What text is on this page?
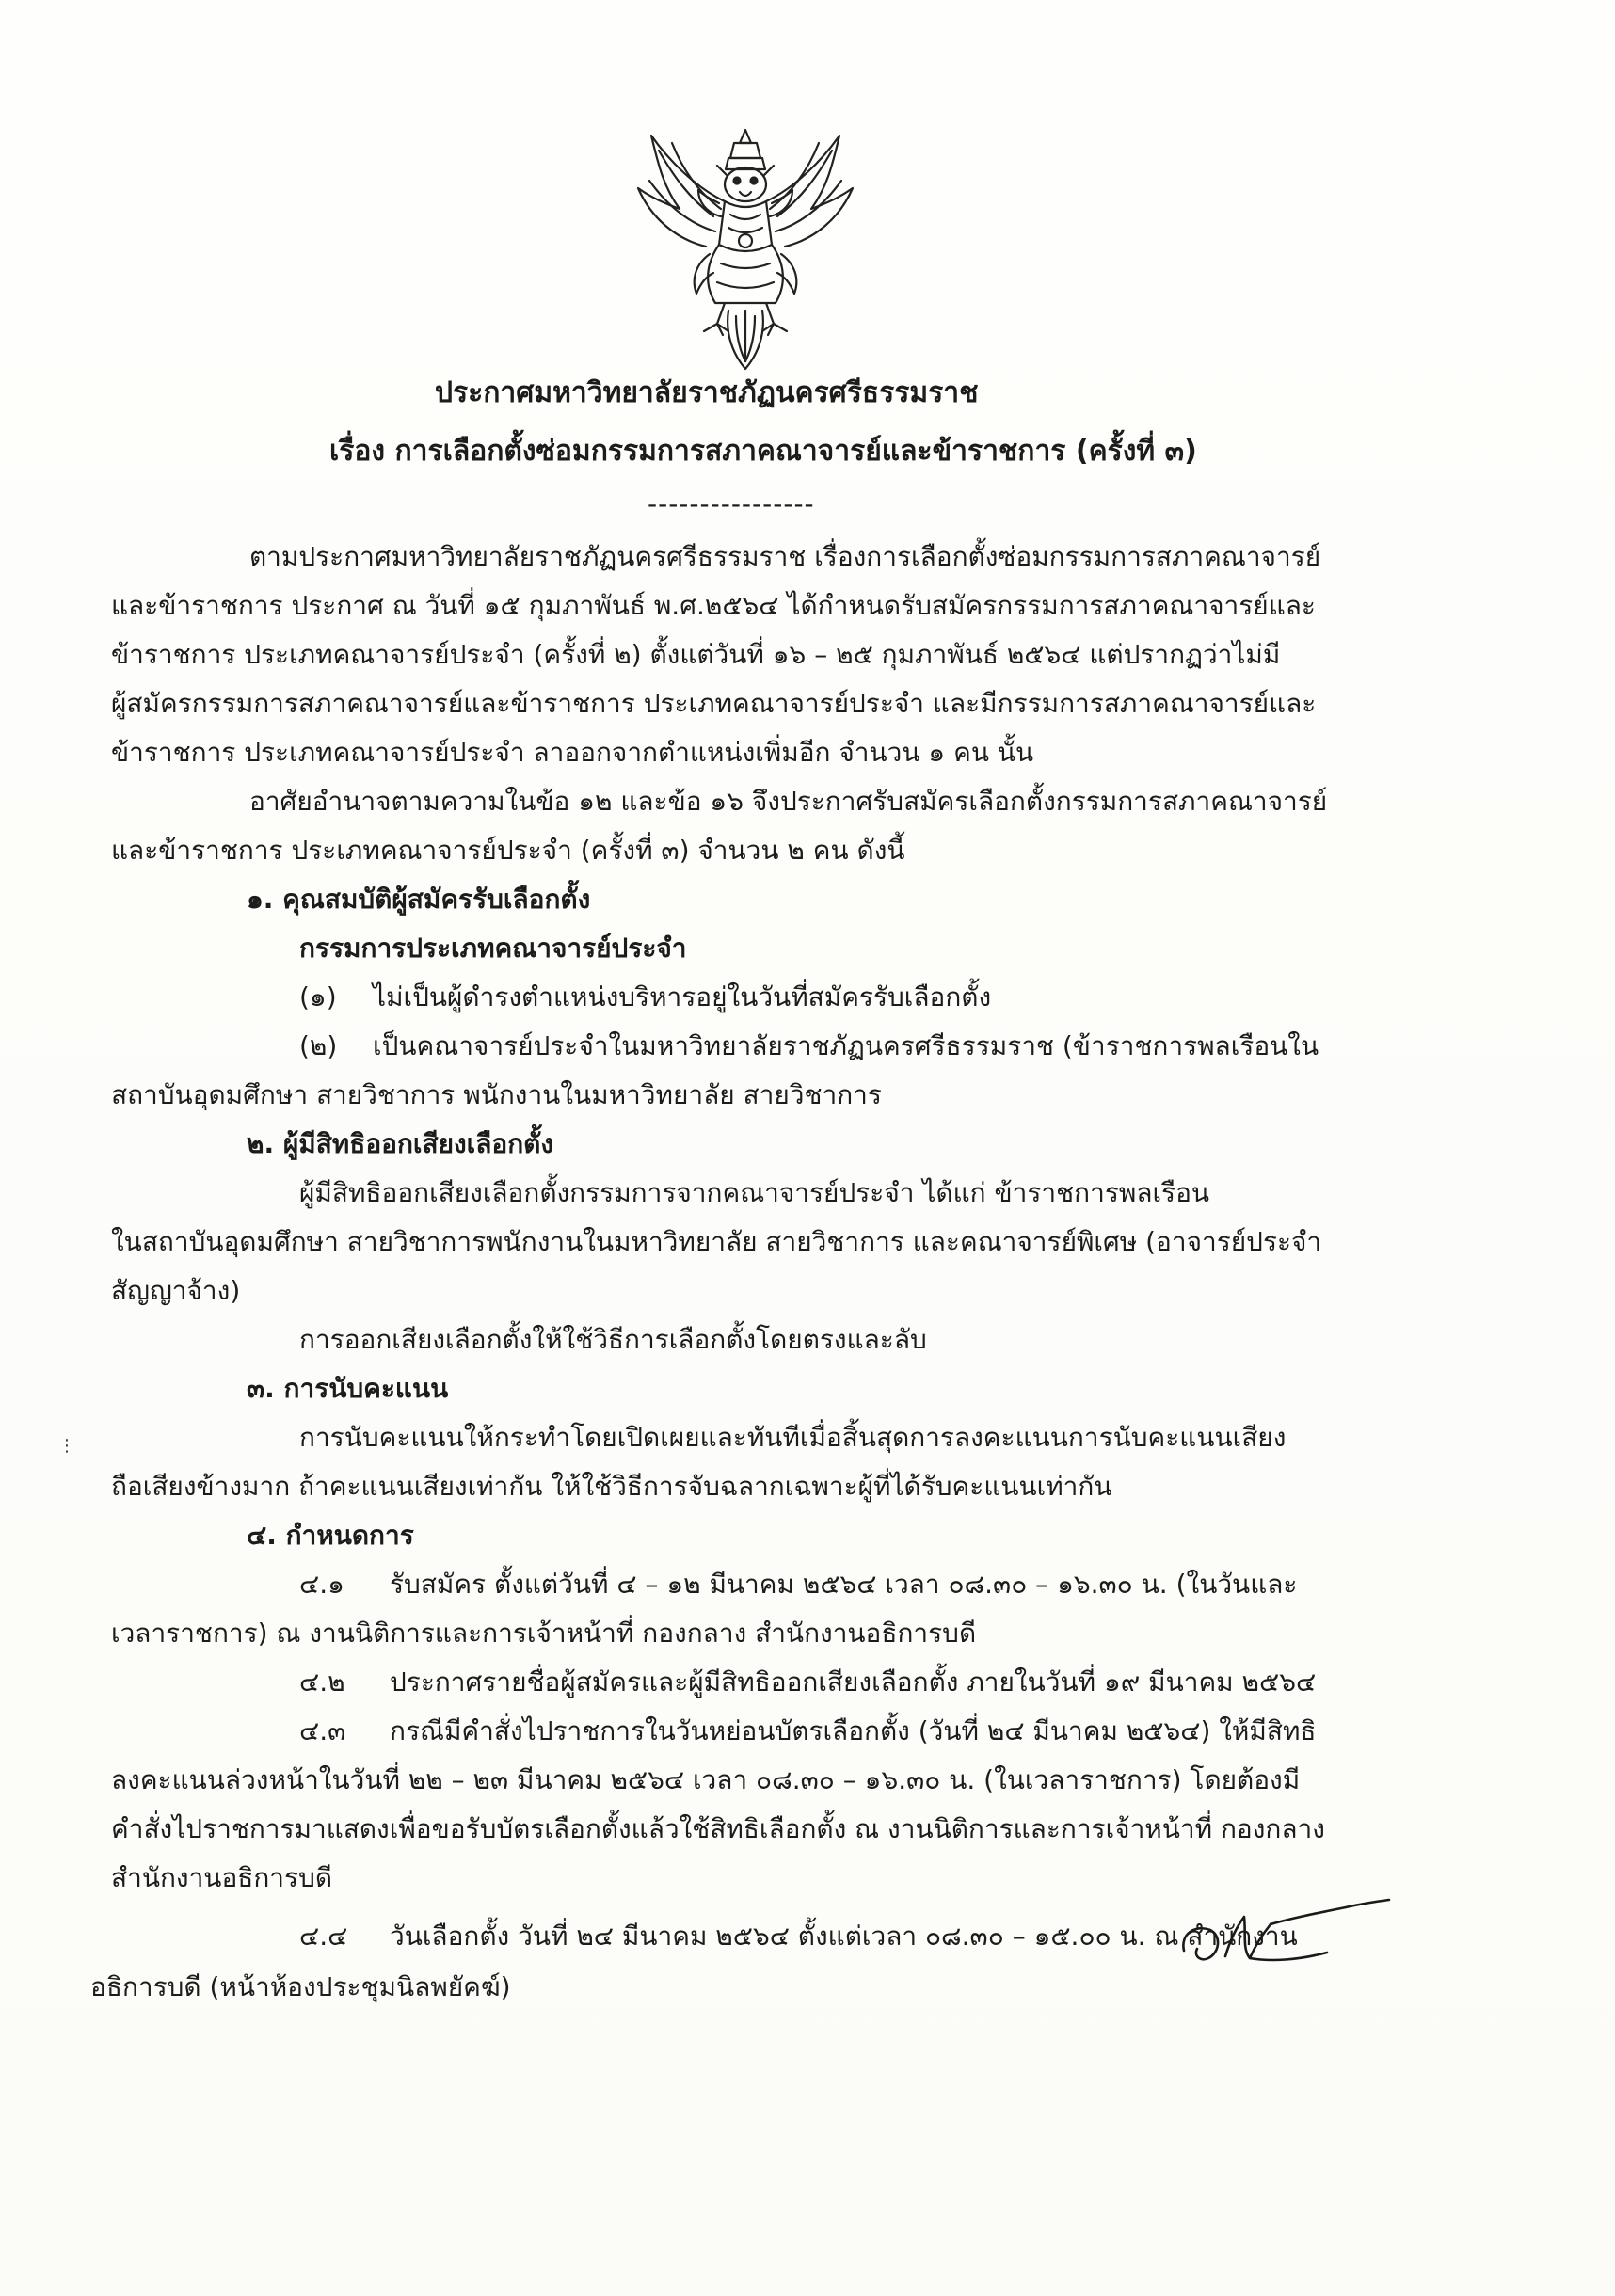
ประกาศมหาวิทยาลัยราชภัฏนครศรีธรรมราช

เรื่อง การเลือกตั้งซ่อมกรรมการสภาคณาจารย์และข้าราชการ (ครั้งที่ ๓)

----------------

ตามประกาศมหาวิทยาลัยราชภัฏนครศรีธรรมราช เรื่องการเลือกตั้งซ่อมกรรมการสภาคณาจารย์

และข้าราชการ ประกาศ ณ วันที่ ๑๕ กุมภาพันธ์ พ.ศ.๒๕๖๔ ได้กำหนดรับสมัครกรรมการสภาคณาจารย์และ

ข้าราชการ ประเภทคณาจารย์ประจำ (ครั้งที่ ๒) ตั้งแต่วันที่ ๑๖ – ๒๕ กุมภาพันธ์ ๒๕๖๔ แต่ปรากฏว่าไม่มี

ผู้สมัครกรรมการสภาคณาจารย์และข้าราชการ ประเภทคณาจารย์ประจำ และมีกรรมการสภาคณาจารย์และ

ข้าราชการ ประเภทคณาจารย์ประจำ ลาออกจากตำแหน่งเพิ่มอีก จำนวน ๑ คน นั้น

อาศัยอำนาจตามความในข้อ ๑๒ และข้อ ๑๖ จึงประกาศรับสมัครเลือกตั้งกรรมการสภาคณาจารย์

และข้าราชการ ประเภทคณาจารย์ประจำ (ครั้งที่ ๓) จำนวน ๒ คน ดังนี้

๑. คุณสมบัติผู้สมัครรับเลือกตั้ง

กรรมการประเภทคณาจารย์ประจำ

(๑) ไม่เป็นผู้ดำรงตำแหน่งบริหารอยู่ในวันที่สมัครรับเลือกตั้ง

(๒) เป็นคณาจารย์ประจำในมหาวิทยาลัยราชภัฏนครศรีธรรมราช (ข้าราชการพลเรือนใน

สถาบันอุดมศึกษา สายวิชาการ พนักงานในมหาวิทยาลัย สายวิชาการ

๒. ผู้มีสิทธิออกเสียงเลือกตั้ง

ผู้มีสิทธิออกเสียงเลือกตั้งกรรมการจากคณาจารย์ประจำ ได้แก่ ข้าราชการพลเรือน

ในสถาบันอุดมศึกษา สายวิชาการพนักงานในมหาวิทยาลัย สายวิชาการ และคณาจารย์พิเศษ (อาจารย์ประจำ

สัญญาจ้าง)

การออกเสียงเลือกตั้งให้ใช้วิธีการเลือกตั้งโดยตรงและลับ

๓. การนับคะแนน

การนับคะแนนให้กระทำโดยเปิดเผยและทันทีเมื่อสิ้นสุดการลงคะแนนการนับคะแนนเสียง

ถือเสียงข้างมาก ถ้าคะแนนเสียงเท่ากัน ให้ใช้วิธีการจับฉลากเฉพาะผู้ที่ได้รับคะแนนเท่ากัน

๔. กำหนดการ

๔.๑ รับสมัคร ตั้งแต่วันที่ ๔ – ๑๒ มีนาคม ๒๕๖๔ เวลา ๐๘.๓๐ – ๑๖.๓๐ น. (ในวันและ

เวลาราชการ) ณ งานนิติการและการเจ้าหน้าที่ กองกลาง สำนักงานอธิการบดี

๔.๒ ประกาศรายชื่อผู้สมัครและผู้มีสิทธิออกเสียงเลือกตั้ง ภายในวันที่ ๑๙ มีนาคม ๒๕๖๔

๔.๓ กรณีมีคำสั่งไปราชการในวันหย่อนบัตรเลือกตั้ง (วันที่ ๒๔ มีนาคม ๒๕๖๔) ให้มีสิทธิ

ลงคะแนนล่วงหน้าในวันที่ ๒๒ – ๒๓ มีนาคม ๒๕๖๔ เวลา ๐๘.๓๐ – ๑๖.๓๐ น. (ในเวลาราชการ) โดยต้องมี

คำสั่งไปราชการมาแสดงเพื่อขอรับบัตรเลือกตั้งแล้วใช้สิทธิเลือกตั้ง ณ งานนิติการและการเจ้าหน้าที่ กองกลาง

สำนักงานอธิการบดี

๔.๔ วันเลือกตั้ง วันที่ ๒๔ มีนาคม ๒๕๖๔ ตั้งแต่เวลา ๐๘.๓๐ – ๑๕.๐๐ น. ณ สำนักงาน

อธิการบดี (หน้าห้องประชุมนิลพยัคฆ์)

⋮
